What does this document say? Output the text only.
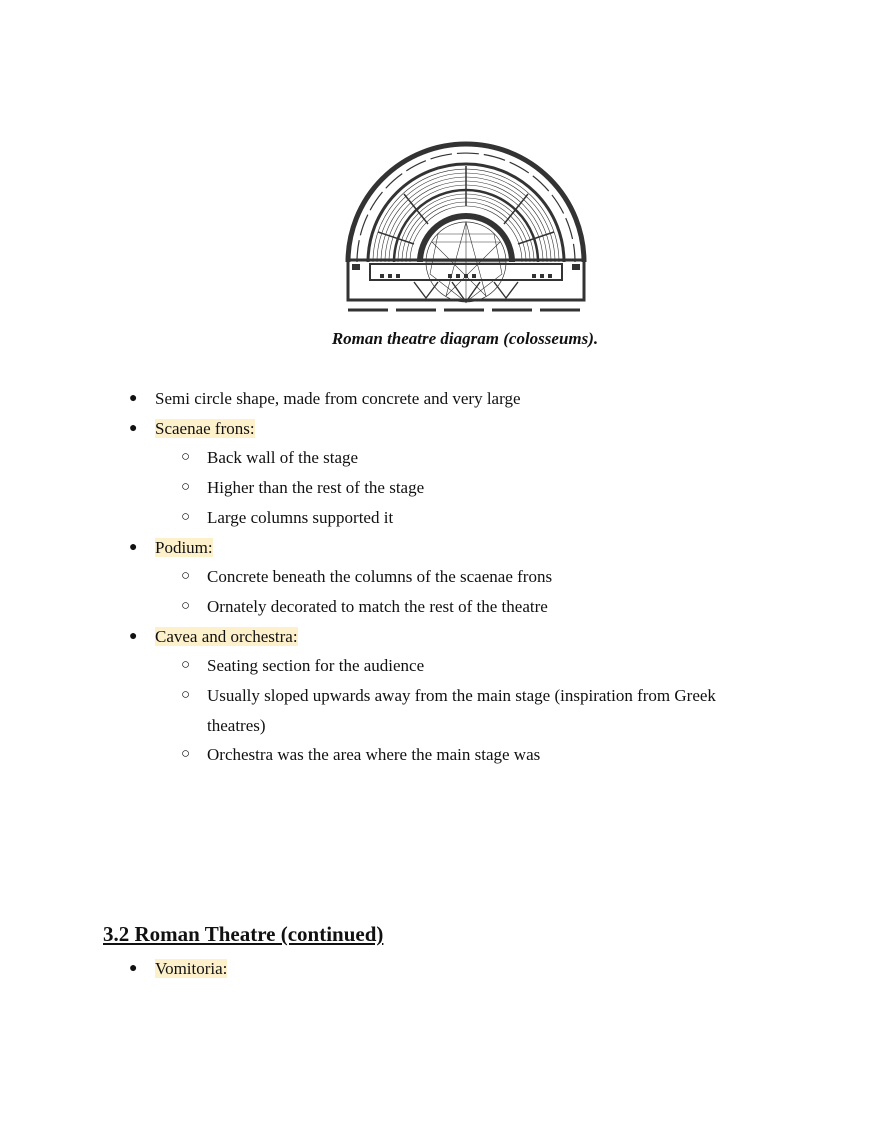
Roman theatre diagram (colosseums).
● Semi circle shape, made from concrete and very large
● Scaenae frons:
○ Back wall of the stage
○ Higher than the rest of the stage
○ Large columns supported it
● Podium:
○ Concrete beneath the columns of the scaenae frons
○ Ornately decorated to match the rest of the theatre
● Cavea and orchestra:
○ Seating section for the audience
○ Usually sloped upwards away from the main stage (inspiration from Greek theatres)
○ Orchestra was the area where the main stage was
3.2 Roman Theatre (continued)
● Vomitoria:
